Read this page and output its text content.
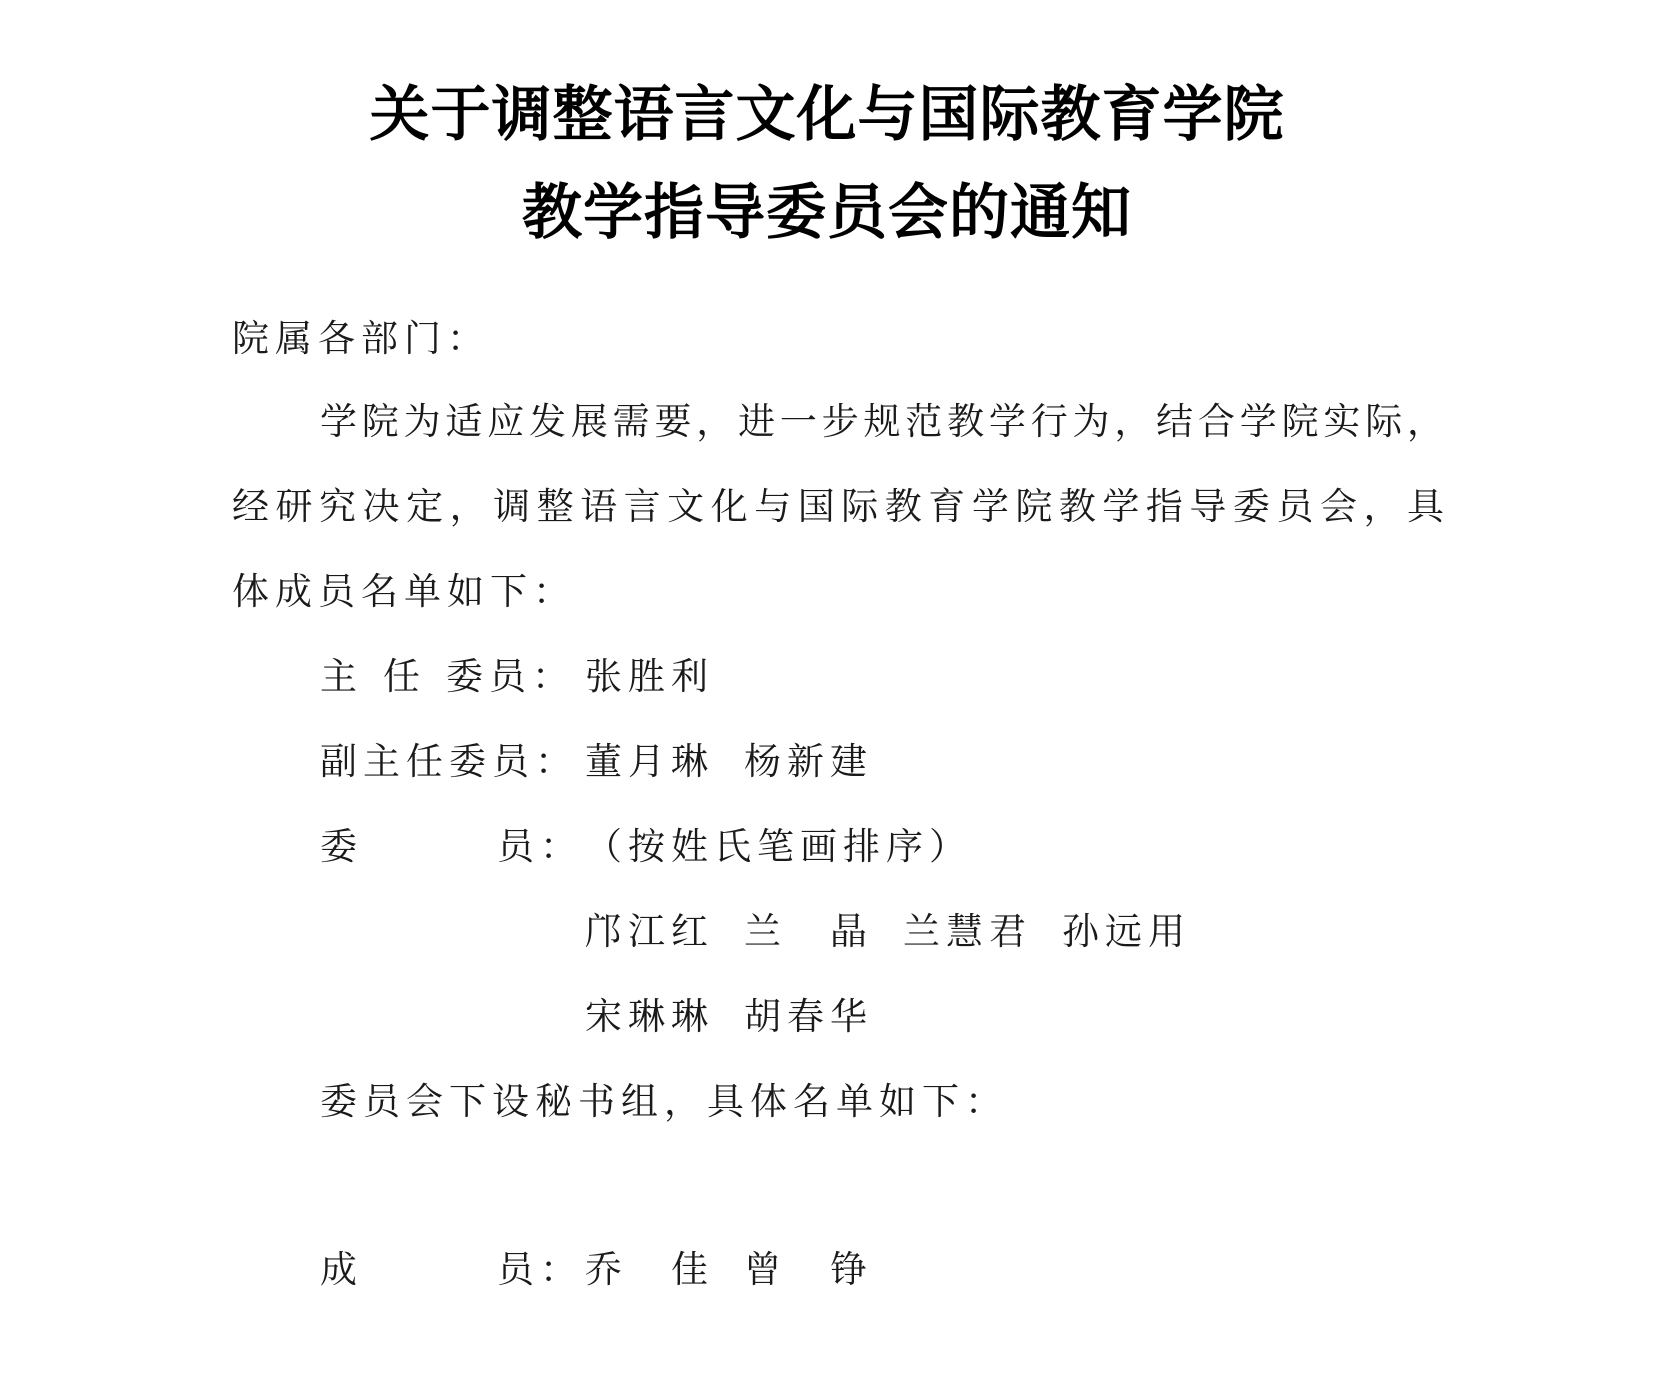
关于调整语言文化与国际教育学院
教学指导委员会的通知
院属各部门：
学院为适应发展需要，进一步规范教学行为，结合学院实际，
经研究决定，调整语言文化与国际教育学院教学指导委员会，具
体成员名单如下：
主 任 委员： 张胜利
副主任委员： 董月琳 杨新建
委	员： （按姓氏笔画排序）
邝江红 兰　晶 兰慧君 孙远用
宋琳琳 胡春华
委员会下设秘书组，具体名单如下：
成	员： 乔　佳 曾　铮
